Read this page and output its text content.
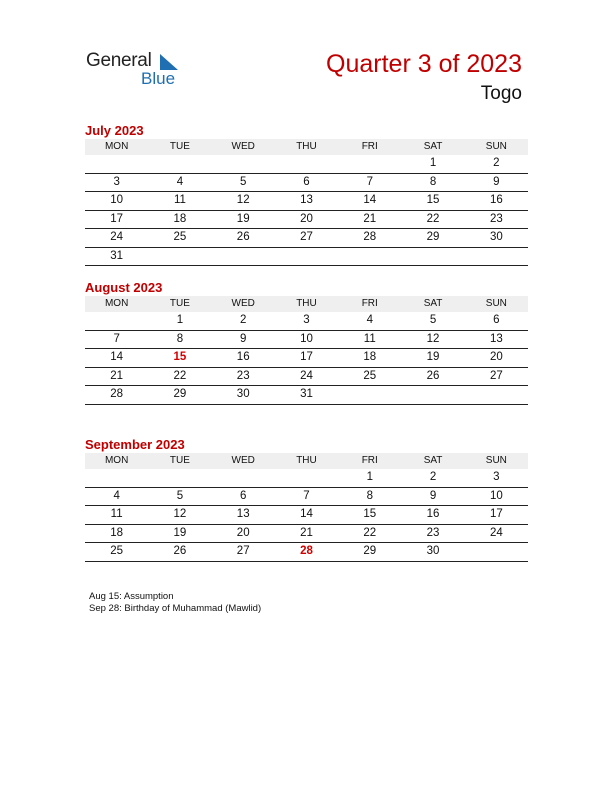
General
Blue
Quarter 3 of 2023
Togo
July 2023
MON	TUE	WED	THU	FRI	SAT	SUN
					1	2
3	4	5	6	7	8	9
10	11	12	13	14	15	16
17	18	19	20	21	22	23
24	25	26	27	28	29	30
31						
August 2023
MON	TUE	WED	THU	FRI	SAT	SUN
	1	2	3	4	5	6
7	8	9	10	11	12	13
14	15	16	17	18	19	20
21	22	23	24	25	26	27
28	29	30	31			
September 2023
MON	TUE	WED	THU	FRI	SAT	SUN
				1	2	3
4	5	6	7	8	9	10
11	12	13	14	15	16	17
18	19	20	21	22	23	24
25	26	27	28	29	30	
Aug 15: Assumption
Sep 28: Birthday of Muhammad (Mawlid)
